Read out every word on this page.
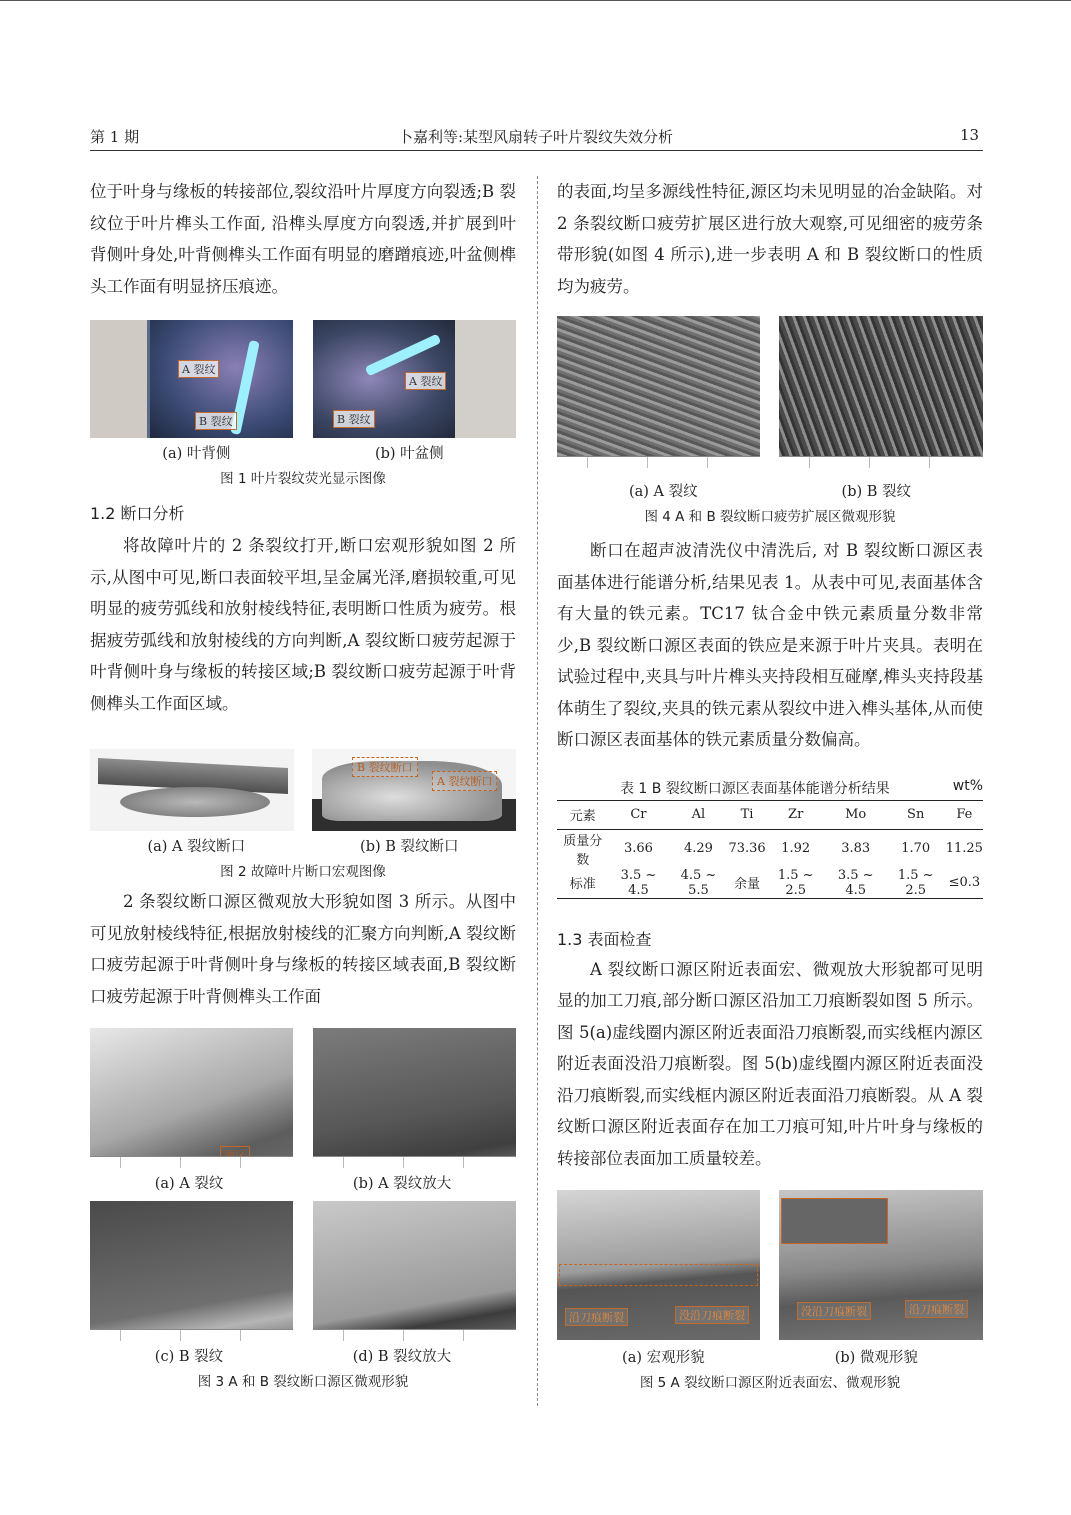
第 1 期	卜嘉利等:某型风扇转子叶片裂纹失效分析	13

位于叶身与缘板的转接部位,裂纹沿叶片厚度方向裂透;B 裂纹位于叶片榫头工作面, 沿榫头厚度方向裂透,并扩展到叶背侧叶身处,叶背侧榫头工作面有明显的磨蹭痕迹,叶盆侧榫头工作面有明显挤压痕迹。

A 裂纹
B 裂纹
A 裂纹
B 裂纹
(a) 叶背侧	(b) 叶盆侧
图 1 叶片裂纹荧光显示图像

1.2 断口分析

将故障叶片的 2 条裂纹打开,断口宏观形貌如图 2 所示,从图中可见,断口表面较平坦,呈金属光泽,磨损较重,可见明显的疲劳弧线和放射棱线特征,表明断口性质为疲劳。根据疲劳弧线和放射棱线的方向判断,A 裂纹断口疲劳起源于叶背侧叶身与缘板的转接区域;B 裂纹断口疲劳起源于叶背侧榫头工作面区域。

B 裂纹断口
A 裂纹断口
(a) A 裂纹断口	(b) B 裂纹断口
图 2 故障叶片断口宏观图像

2 条裂纹断口源区微观放大形貌如图 3 所示。从图中可见放射棱线特征,根据放射棱线的汇聚方向判断,A 裂纹断口疲劳起源于叶背侧叶身与缘板的转接区域表面,B 裂纹断口疲劳起源于叶背侧榫头工作面

(a) A 裂纹	(b) A 裂纹放大
(c) B 裂纹	(d) B 裂纹放大
图 3 A 和 B 裂纹断口源区微观形貌

的表面,均呈多源线性特征,源区均未见明显的冶金缺陷。对 2 条裂纹断口疲劳扩展区进行放大观察,可见细密的疲劳条带形貌(如图 4 所示),进一步表明 A 和 B 裂纹断口的性质均为疲劳。

(a) A 裂纹	(b) B 裂纹
图 4 A 和 B 裂纹断口疲劳扩展区微观形貌

断口在超声波清洗仪中清洗后, 对 B 裂纹断口源区表面基体进行能谱分析,结果见表 1。从表中可见,表面基体含有大量的铁元素。TC17 钛合金中铁元素质量分数非常少,B 裂纹断口源区表面的铁应是来源于叶片夹具。表明在试验过程中,夹具与叶片榫头夹持段相互碰摩,榫头夹持段基体萌生了裂纹,夹具的铁元素从裂纹中进入榫头基体,从而使断口源区表面基体的铁元素质量分数偏高。

表 1 B 裂纹断口源区表面基体能谱分析结果	wt%
元素	Cr	Al	Ti	Zr	Mo	Sn	Fe
质量分数	3.66	4.29	73.36	1.92	3.83	1.70	11.25
标准	3.5 ~ 4.5	4.5 ~ 5.5	余量	1.5 ~ 2.5	3.5 ~ 4.5	1.5 ~ 2.5	≤0.3

1.3 表面检查

A 裂纹断口源区附近表面宏、微观放大形貌都可见明显的加工刀痕,部分断口源区沿加工刀痕断裂如图 5 所示。图 5(a)虚线圈内源区附近表面沿刀痕断裂,而实线框内源区附近表面没沿刀痕断裂。图 5(b)虚线圈内源区附近表面没沿刀痕断裂,而实线框内源区附近表面沿刀痕断裂。从 A 裂纹断口源区附近表面存在加工刀痕可知,叶片叶身与缘板的转接部位表面加工质量较差。

沿刀痕断裂	没沿刀痕断裂	没沿刀痕断裂	沿刀痕断裂
(a) 宏观形貌	(b) 微观形貌
图 5 A 裂纹断口源区附近表面宏、微观形貌
